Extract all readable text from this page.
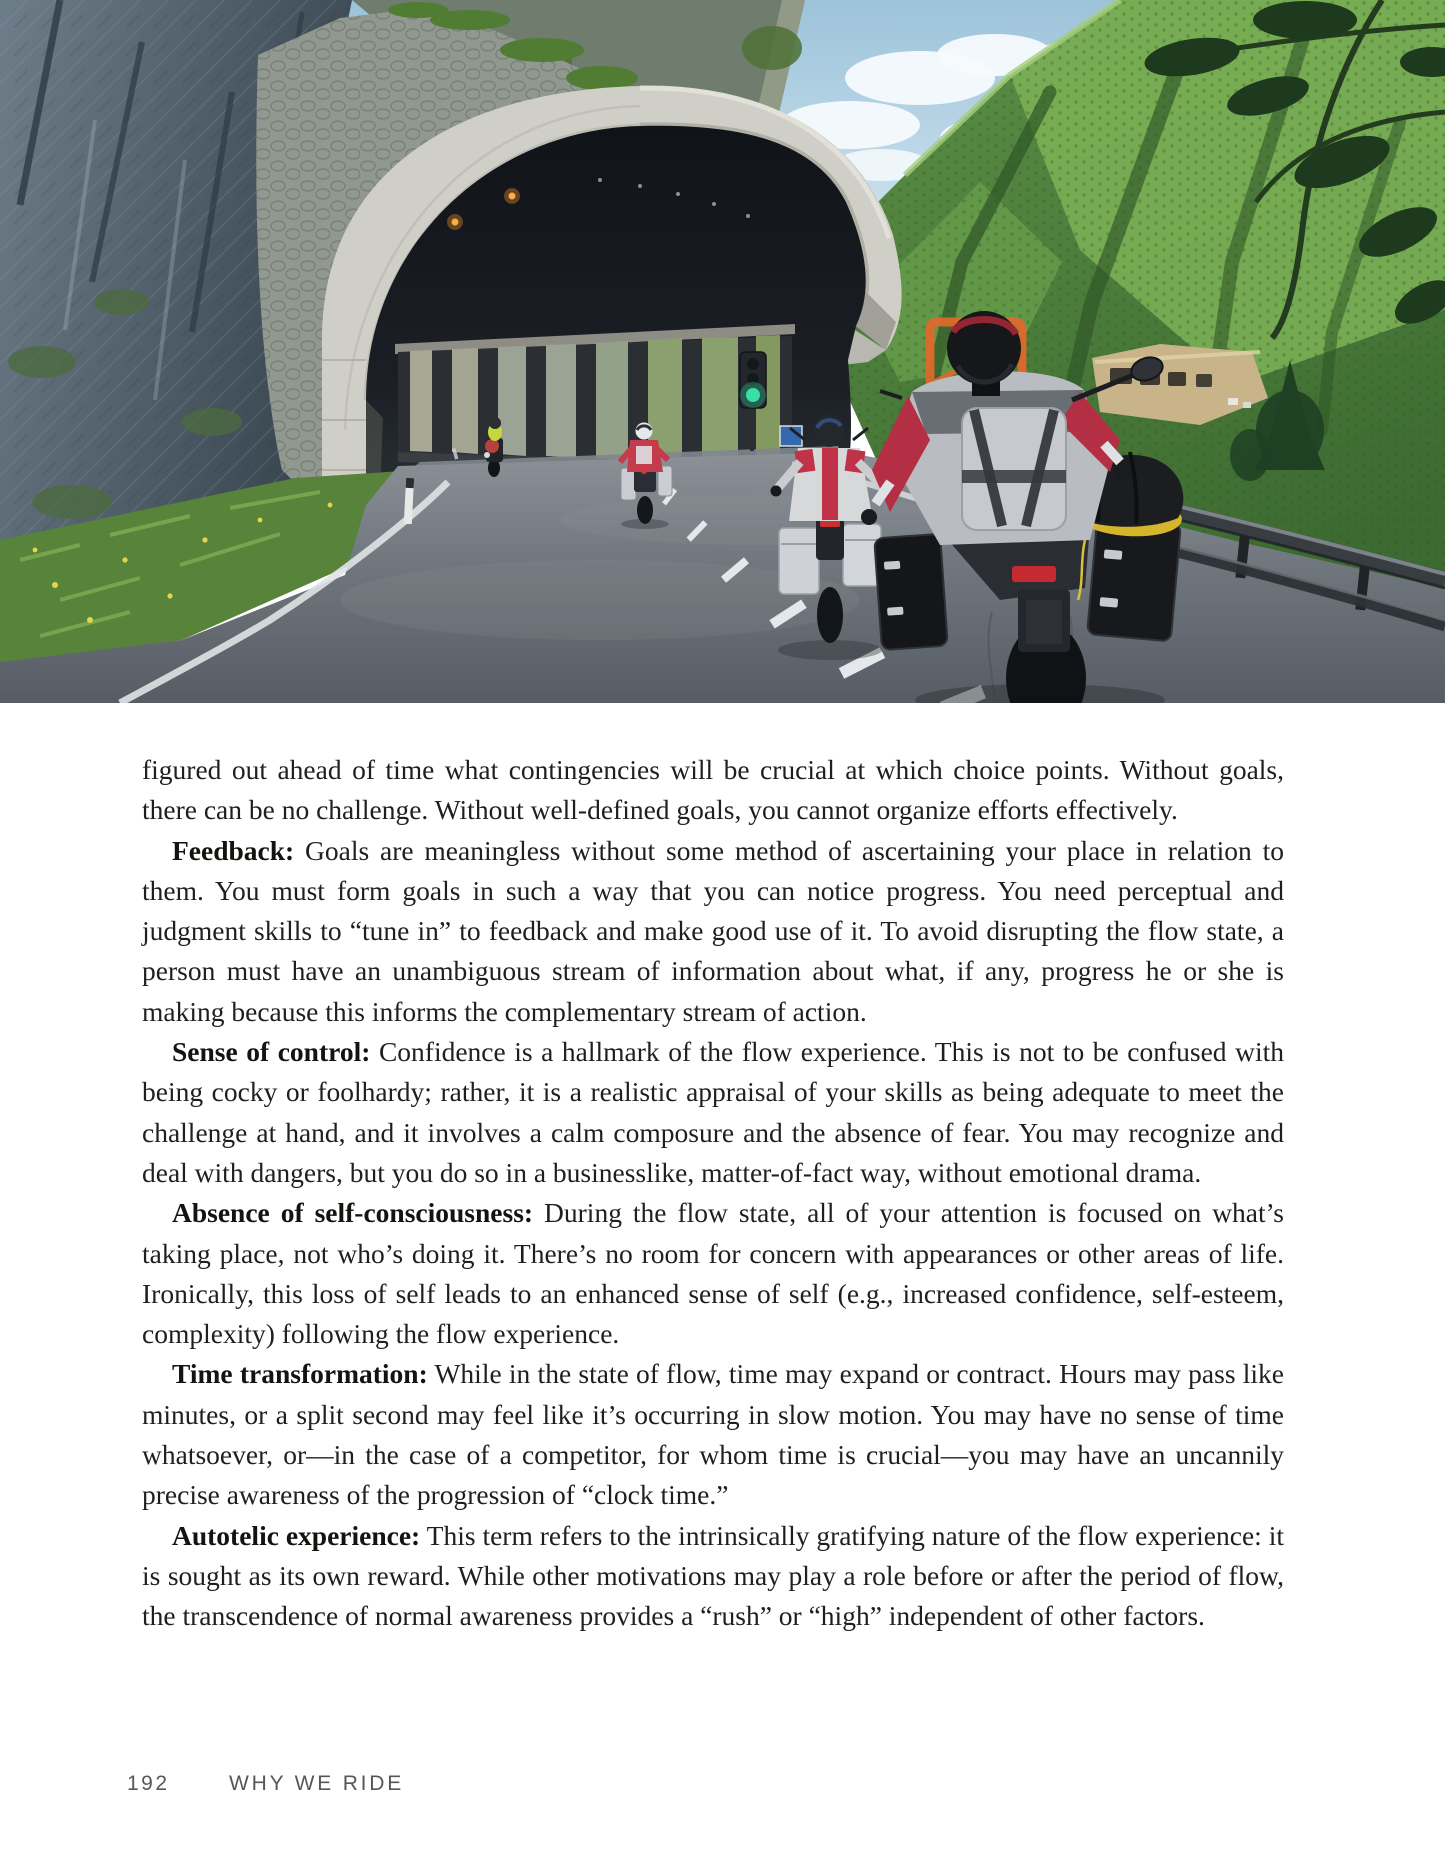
figured out ahead of time what contingencies will be crucial at which choice points. Without goals, there can be no challenge. Without well-defined goals, you cannot organize efforts effectively.

Feedback: Goals are meaningless without some method of ascertaining your place in relation to them. You must form goals in such a way that you can notice progress. You need perceptual and judgment skills to “tune in” to feedback and make good use of it. To avoid disrupting the flow state, a person must have an unambiguous stream of information about what, if any, progress he or she is making because this informs the complementary stream of action.

Sense of control: Confidence is a hallmark of the flow experience. This is not to be confused with being cocky or foolhardy; rather, it is a realistic appraisal of your skills as being adequate to meet the challenge at hand, and it involves a calm composure and the absence of fear. You may recognize and deal with dangers, but you do so in a businesslike, matter-of-fact way, without emotional drama.

Absence of self-consciousness: During the flow state, all of your attention is focused on what’s taking place, not who’s doing it. There’s no room for concern with appearances or other areas of life. Ironically, this loss of self leads to an enhanced sense of self (e.g., increased confidence, self-esteem, complexity) following the flow experience.

Time transformation: While in the state of flow, time may expand or contract. Hours may pass like minutes, or a split second may feel like it’s occurring in slow motion. You may have no sense of time whatsoever, or—in the case of a competitor, for whom time is crucial—you may have an uncannily precise awareness of the progression of “clock time.”

Autotelic experience: This term refers to the intrinsically gratifying nature of the flow experience: it is sought as its own reward. While other motivations may play a role before or after the period of flow, the transcendence of normal awareness provides a “rush” or “high” independent of other factors.

192	WHY WE RIDE
